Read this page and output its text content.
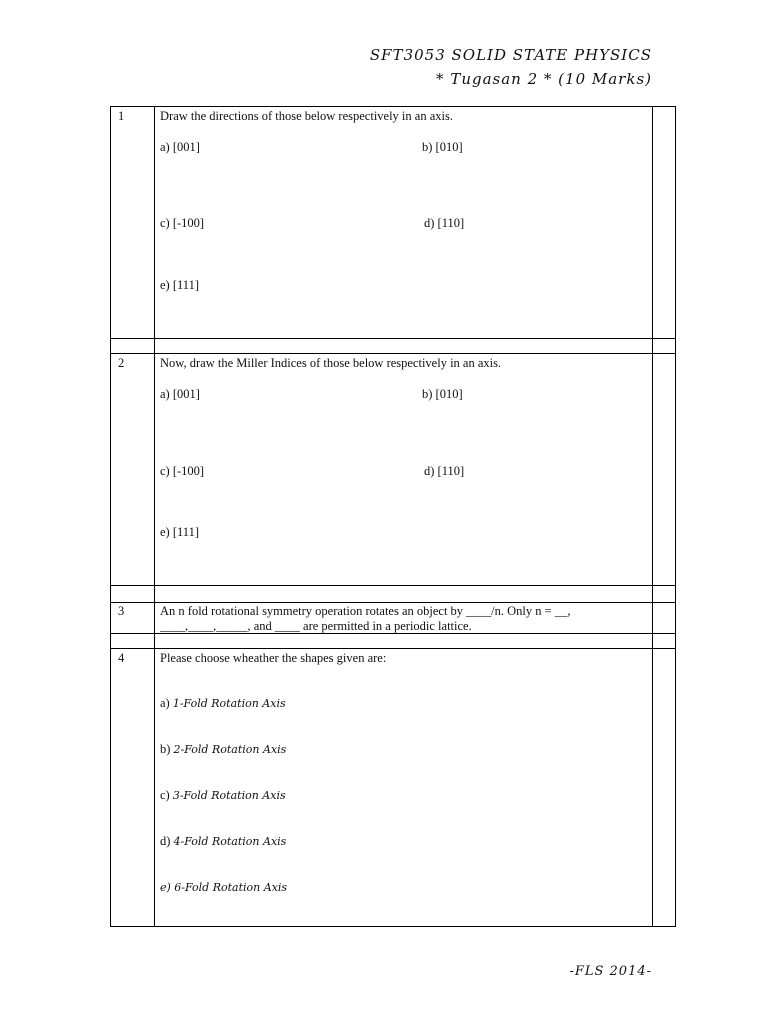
SFT3053 SOLID STATE PHYSICS
* Tugasan 2 * (10 Marks)
1	Draw the directions of those below respectively in an axis.
a) [001]	b) [010]
c) [-100]	d) [110]
e) [111]
2	Now, draw the Miller Indices of those below respectively in an axis.
a) [001]	b) [010]
c) [-100]	d) [110]
e) [111]
3	An n fold rotational symmetry operation rotates an object by ____/n. Only n = __,
____,____,_____, and ____ are permitted in a periodic lattice.
4	Please choose wheather the shapes given are:
a) 1-Fold Rotation Axis
b) 2-Fold Rotation Axis
c) 3-Fold Rotation Axis
d) 4-Fold Rotation Axis
e) 6-Fold Rotation Axis
-FLS 2014-
